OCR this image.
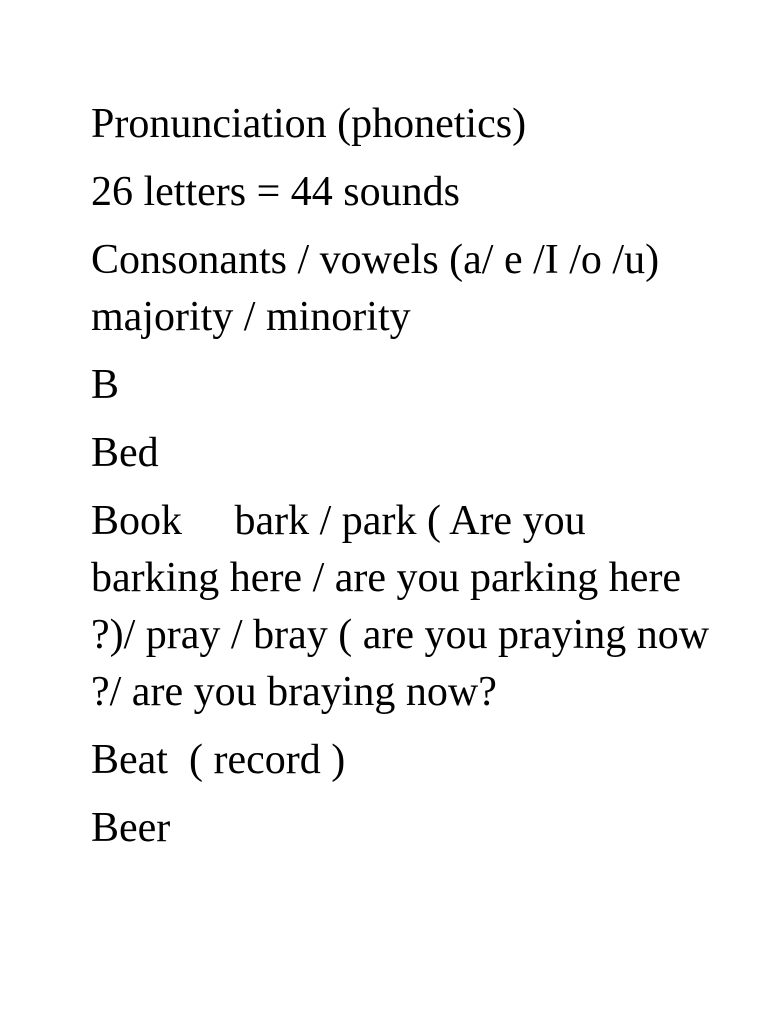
Pronunciation (phonetics)

26 letters = 44 sounds

Consonants / vowels (a/ e /I /o /u) majority / minority

B

Bed

Book     bark / park ( Are you barking here / are you parking here ?)/ pray / bray ( are you praying now ?/ are you braying now?

Beat  ( record )

Beer
